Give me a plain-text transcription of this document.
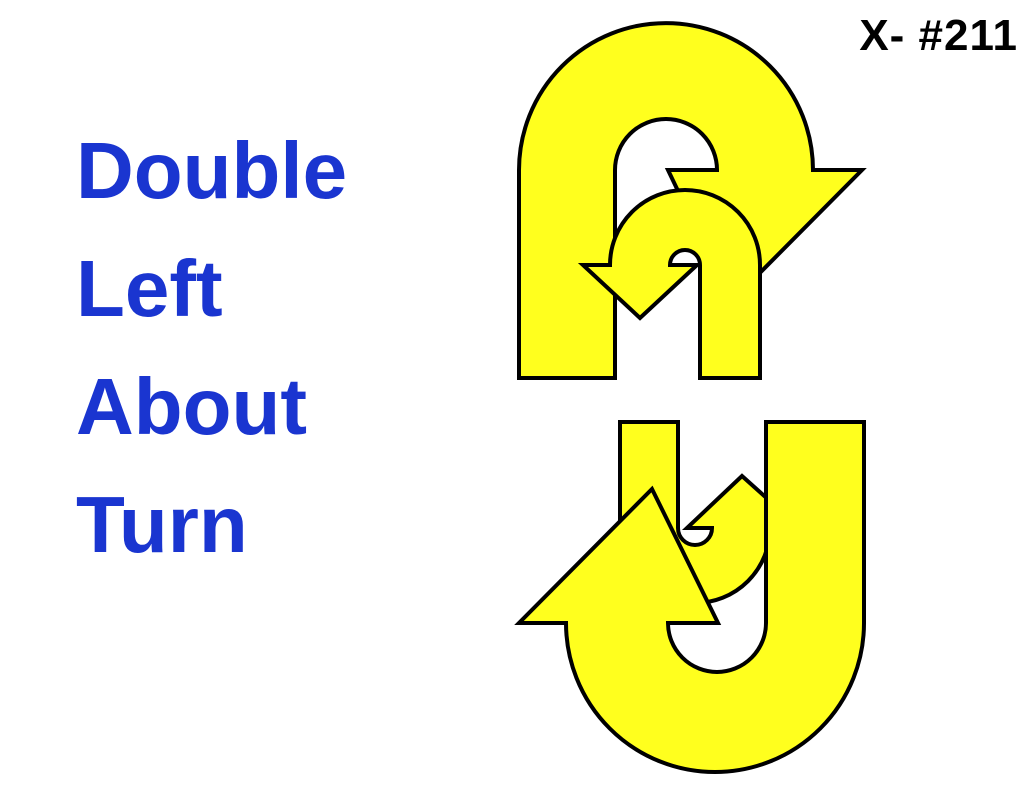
X- #211
Double
Left
About
Turn
